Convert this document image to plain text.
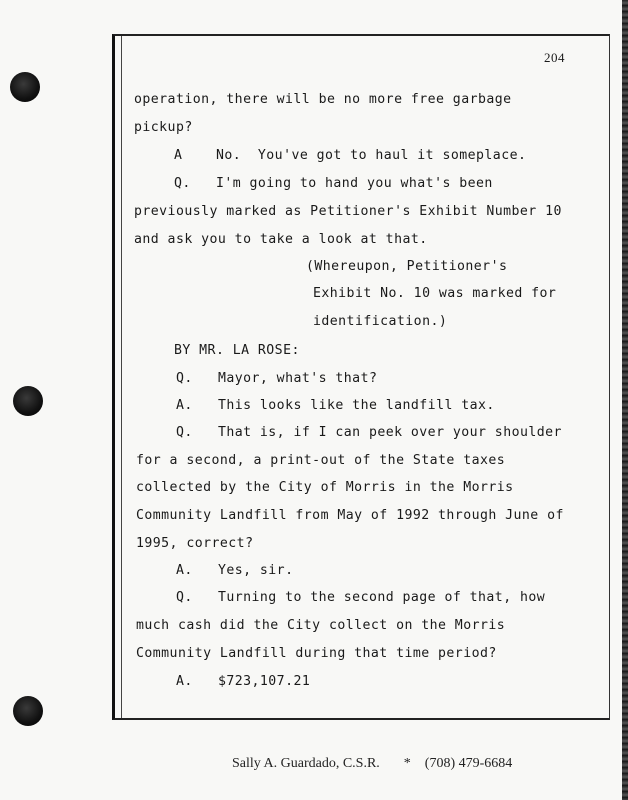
204
operation, there will be no more free garbage
pickup?
A    No.  You've got to haul it someplace.
Q.   I'm going to hand you what's been
previously marked as Petitioner's Exhibit Number 10
and ask you to take a look at that.
(Whereupon, Petitioner's
Exhibit No. 10 was marked for
identification.)
BY MR. LA ROSE:
Q.   Mayor, what's that?
A.   This looks like the landfill tax.
Q.   That is, if I can peek over your shoulder
for a second, a print-out of the State taxes
collected by the City of Morris in the Morris
Community Landfill from May of 1992 through June of
1995, correct?
A.   Yes, sir.
Q.   Turning to the second page of that, how
much cash did the City collect on the Morris
Community Landfill during that time period?
A.   $723,107.21

Sally A. Guardado, C.S.R. * (708) 479-6684
